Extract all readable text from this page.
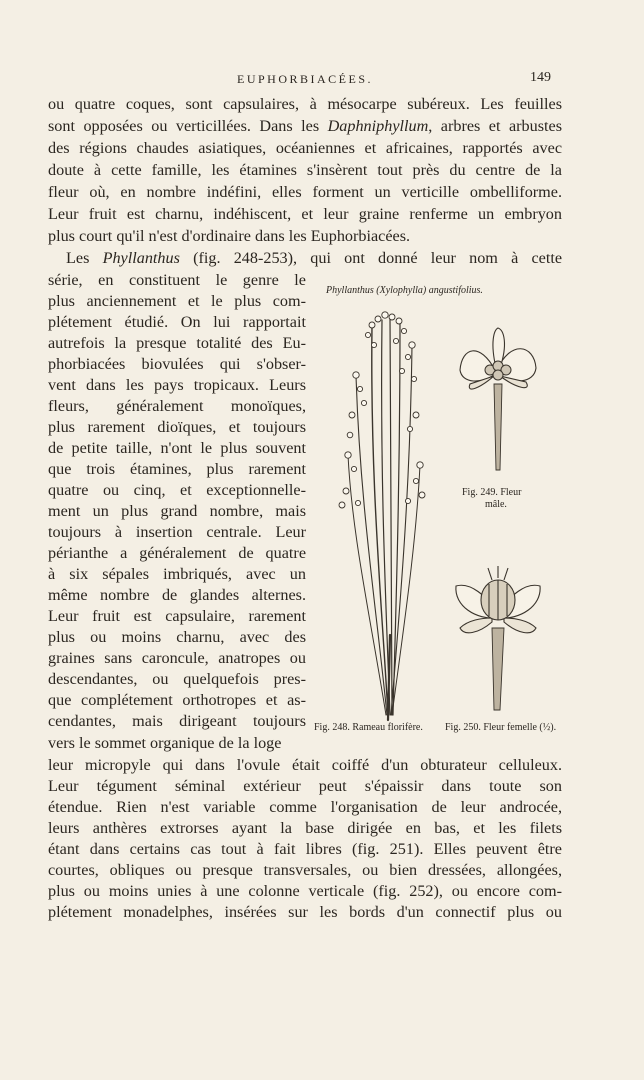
EUPHORBIACÉES.	149
ou quatre coques, sont capsulaires, à mésocarpe subéreux. Les feuilles
sont opposées ou verticillées. Dans les Daphniphyllum, arbres et arbustes
des régions chaudes asiatiques, océaniennes et africaines, rapportés avec
doute à cette famille, les étamines s'insèrent tout près du centre de la
fleur où, en nombre indéfini, elles forment un verticille ombelliforme.
Leur fruit est charnu, indéhiscent, et leur graine renferme un embryon
plus court qu'il n'est d'ordinaire dans les Euphorbiacées.
Les Phyllanthus (fig. 248-253), qui ont donné leur nom à cette
série, en constituent le genre le
plus anciennement et le plus com-
plétement étudié. On lui rapportait
autrefois la presque totalité des Eu-
phorbiacées biovulées qui s'obser-
vent dans les pays tropicaux. Leurs
fleurs, généralement monoïques,
plus rarement dioïques, et toujours
de petite taille, n'ont le plus souvent
que trois étamines, plus rarement
quatre ou cinq, et exceptionnelle-
ment un plus grand nombre, mais
toujours à insertion centrale. Leur
périanthe a généralement de quatre
à six sépales imbriqués, avec un
même nombre de glandes alternes.
Leur fruit est capsulaire, rarement
plus ou moins charnu, avec des
graines sans caroncule, anatropes ou
descendantes, ou quelquefois pres-
que complétement orthotropes et as-
cendantes, mais dirigeant toujours
vers le sommet organique de la loge
leur micropyle qui dans l'ovule était coiffé d'un obturateur celluleux.
Leur tégument séminal extérieur peut s'épaissir dans toute son
étendue. Rien n'est variable comme l'organisation de leur androcée,
leurs anthères extrorses ayant la base dirigée en bas, et les filets
étant dans certains cas tout à fait libres (fig. 251). Elles peuvent être
courtes, obliques ou presque transversales, ou bien dressées, allongées,
plus ou moins unies à une colonne verticale (fig. 252), ou encore com-
plétement monadelphes, insérées sur les bords d'un connectif plus ou
Phyllanthus (Xylophylla) angustifolius.
Fig. 249. Fleur
mâle.
Fig. 248. Rameau florifère. Fig. 250. Fleur femelle (½).
